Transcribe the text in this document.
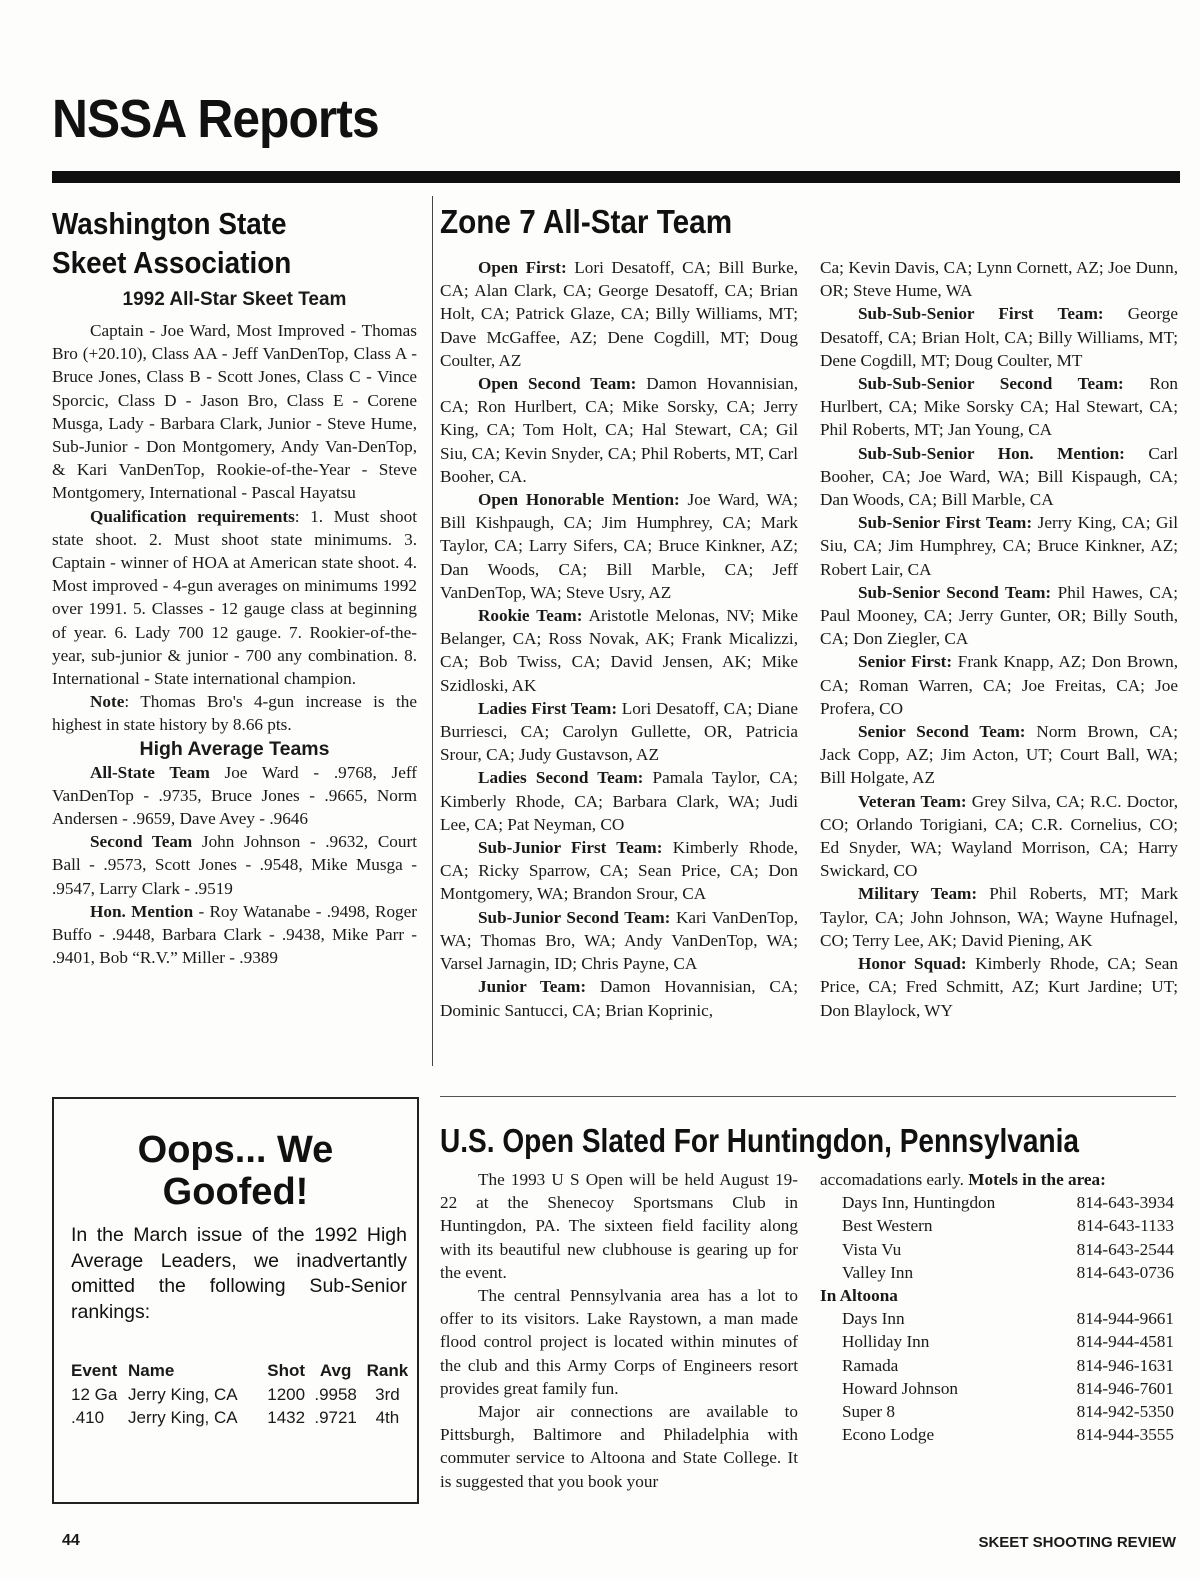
NSSA Reports
Washington State
Skeet Association
1992 All-Star Skeet Team

Captain - Joe Ward, Most Improved - Thomas Bro (+20.10), Class AA - Jeff VanDenTop, Class A - Bruce Jones, Class B - Scott Jones, Class C - Vince Sporcic, Class D - Jason Bro, Class E - Corene Musga, Lady - Barbara Clark, Junior - Steve Hume, Sub-Junior - Don Montgomery, Andy Van-DenTop, & Kari VanDenTop, Rookie-of-the-Year - Steve Montgomery, International - Pascal Hayatsu

Qualification requirements: 1. Must shoot state shoot. 2. Must shoot state minimums. 3. Captain - winner of HOA at American state shoot. 4. Most improved - 4-gun averages on minimums 1992 over 1991. 5. Classes - 12 gauge class at beginning of year. 6. Lady 700 12 gauge. 7. Rookier-of-the-year, sub-junior & junior - 700 any combination. 8. International - State international champion.

Note: Thomas Bro's 4-gun increase is the highest in state history by 8.66 pts.

High Average Teams

All-State Team Joe Ward - .9768, Jeff VanDenTop - .9735, Bruce Jones - .9665, Norm Andersen - .9659, Dave Avey - .9646

Second Team John Johnson - .9632, Court Ball - .9573, Scott Jones - .9548, Mike Musga - .9547, Larry Clark - .9519

Hon. Mention - Roy Watanabe - .9498, Roger Buffo - .9448, Barbara Clark - .9438, Mike Parr - .9401, Bob “R.V.” Miller - .9389

Zone 7 All-Star Team

Open First: Lori Desatoff, CA; Bill Burke, CA; Alan Clark, CA; George Desatoff, CA; Brian Holt, CA; Patrick Glaze, CA; Billy Williams, MT; Dave McGaffee, AZ; Dene Cogdill, MT; Doug Coulter, AZ

Open Second Team: Damon Hovannisian, CA; Ron Hurlbert, CA; Mike Sorsky, CA; Jerry King, CA; Tom Holt, CA; Hal Stewart, CA; Gil Siu, CA; Kevin Snyder, CA; Phil Roberts, MT, Carl Booher, CA.

Open Honorable Mention: Joe Ward, WA; Bill Kishpaugh, CA; Jim Humphrey, CA; Mark Taylor, CA; Larry Sifers, CA; Bruce Kinkner, AZ; Dan Woods, CA; Bill Marble, CA; Jeff VanDenTop, WA; Steve Usry, AZ

Rookie Team: Aristotle Melonas, NV; Mike Belanger, CA; Ross Novak, AK; Frank Micalizzi, CA; Bob Twiss, CA; David Jensen, AK; Mike Szidloski, AK

Ladies First Team: Lori Desatoff, CA; Diane Burriesci, CA; Carolyn Gullette, OR, Patricia Srour, CA; Judy Gustavson, AZ

Ladies Second Team: Pamala Taylor, CA; Kimberly Rhode, CA; Barbara Clark, WA; Judi Lee, CA; Pat Neyman, CO

Sub-Junior First Team: Kimberly Rhode, CA; Ricky Sparrow, CA; Sean Price, CA; Don Montgomery, WA; Brandon Srour, CA

Sub-Junior Second Team: Kari VanDenTop, WA; Thomas Bro, WA; Andy VanDenTop, WA; Varsel Jarnagin, ID; Chris Payne, CA

Junior Team: Damon Hovannisian, CA; Dominic Santucci, CA; Brian Koprinic,

Ca; Kevin Davis, CA; Lynn Cornett, AZ; Joe Dunn, OR; Steve Hume, WA

Sub-Sub-Senior First Team: George Desatoff, CA; Brian Holt, CA; Billy Williams, MT; Dene Cogdill, MT; Doug Coulter, MT

Sub-Sub-Senior Second Team: Ron Hurlbert, CA; Mike Sorsky CA; Hal Stewart, CA; Phil Roberts, MT; Jan Young, CA

Sub-Sub-Senior Hon. Mention: Carl Booher, CA; Joe Ward, WA; Bill Kispaugh, CA; Dan Woods, CA; Bill Marble, CA

Sub-Senior First Team: Jerry King, CA; Gil Siu, CA; Jim Humphrey, CA; Bruce Kinkner, AZ; Robert Lair, CA

Sub-Senior Second Team: Phil Hawes, CA; Paul Mooney, CA; Jerry Gunter, OR; Billy South, CA; Don Ziegler, CA

Senior First: Frank Knapp, AZ; Don Brown, CA; Roman Warren, CA; Joe Freitas, CA; Joe Profera, CO

Senior Second Team: Norm Brown, CA; Jack Copp, AZ; Jim Acton, UT; Court Ball, WA; Bill Holgate, AZ

Veteran Team: Grey Silva, CA; R.C. Doctor, CO; Orlando Torigiani, CA; C.R. Cornelius, CO; Ed Snyder, WA; Wayland Morrison, CA; Harry Swickard, CO

Military Team: Phil Roberts, MT; Mark Taylor, CA; John Johnson, WA; Wayne Hufnagel, CO; Terry Lee, AK; David Piening, AK

Honor Squad: Kimberly Rhode, CA; Sean Price, CA; Fred Schmitt, AZ; Kurt Jardine; UT; Don Blaylock, WY

Oops... We
Goofed!
In the March issue of the 1992 High Average Leaders, we inadvertantly omitted the following Sub-Senior rankings:
Event	Name	Shot	Avg	Rank
12 Ga	Jerry King, CA	1200	.9958	3rd
.410	Jerry King, CA	1432	.9721	4th
U.S. Open Slated For Huntingdon, Pennsylvania

The 1993 U S Open will be held August 19-22 at the Shenecoy Sportsmans Club in Huntingdon, PA. The sixteen field facility along with its beautiful new clubhouse is gearing up for the event.

The central Pennsylvania area has a lot to offer to its visitors. Lake Raystown, a man made flood control project is located within minutes of the club and this Army Corps of Engineers resort provides great family fun.

Major air connections are available to Pittsburgh, Baltimore and Philadelphia with commuter service to Altoona and State College. It is suggested that you book your

accomadations early. Motels in the area:
Days Inn, Huntingdon	814-643-3934
Best Western	814-643-1133
Vista Vu	814-643-2544
Valley Inn	814-643-0736
In Altoona
Days Inn	814-944-9661
Holliday Inn	814-944-4581
Ramada	814-946-1631
Howard Johnson	814-946-7601
Super 8	814-942-5350
Econo Lodge	814-944-3555
44	SKEET SHOOTING REVIEW
